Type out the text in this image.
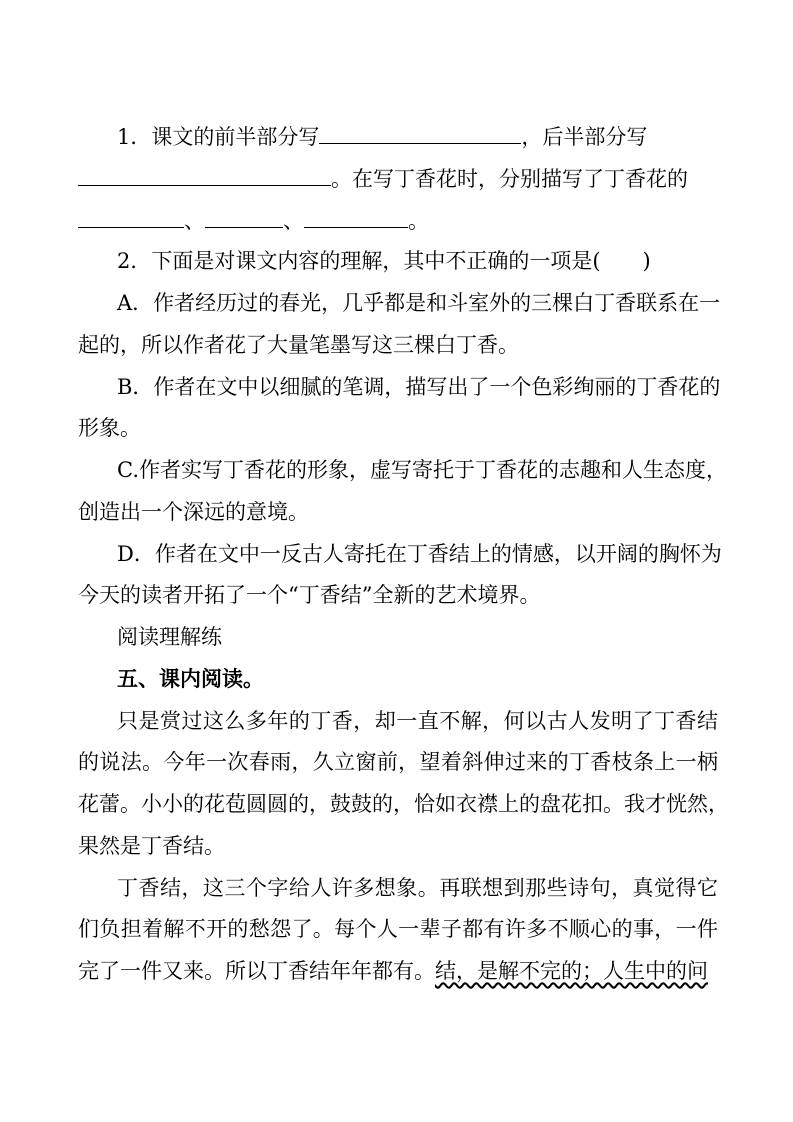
1．课文的前半部分写	，后半部分写
。在写丁香花时，分别描写了丁香花的
、	、	。
2．下面是对课文内容的理解，其中不正确的一项是(　　)
A．作者经历过的春光，几乎都是和斗室外的三棵白丁香联系在一
起的，所以作者花了大量笔墨写这三棵白丁香。
B．作者在文中以细腻的笔调，描写出了一个色彩绚丽的丁香花的
形象。
C.作者实写丁香花的形象，虚写寄托于丁香花的志趣和人生态度，
创造出一个深远的意境。
D．作者在文中一反古人寄托在丁香结上的情感，以开阔的胸怀为
今天的读者开拓了一个“丁香结”全新的艺术境界。
阅读理解练
五、课内阅读。
只是赏过这么多年的丁香，却一直不解，何以古人发明了丁香结
的说法。今年一次春雨，久立窗前，望着斜伸过来的丁香枝条上一柄
花蕾。小小的花苞圆圆的，鼓鼓的，恰如衣襟上的盘花扣。我才恍然，
果然是丁香结。
丁香结，这三个字给人许多想象。再联想到那些诗句，真觉得它
们负担着解不开的愁怨了。每个人一辈子都有许多不顺心的事，一件
完了一件又来。所以丁香结年年都有。结，是解不完的；人生中的问
